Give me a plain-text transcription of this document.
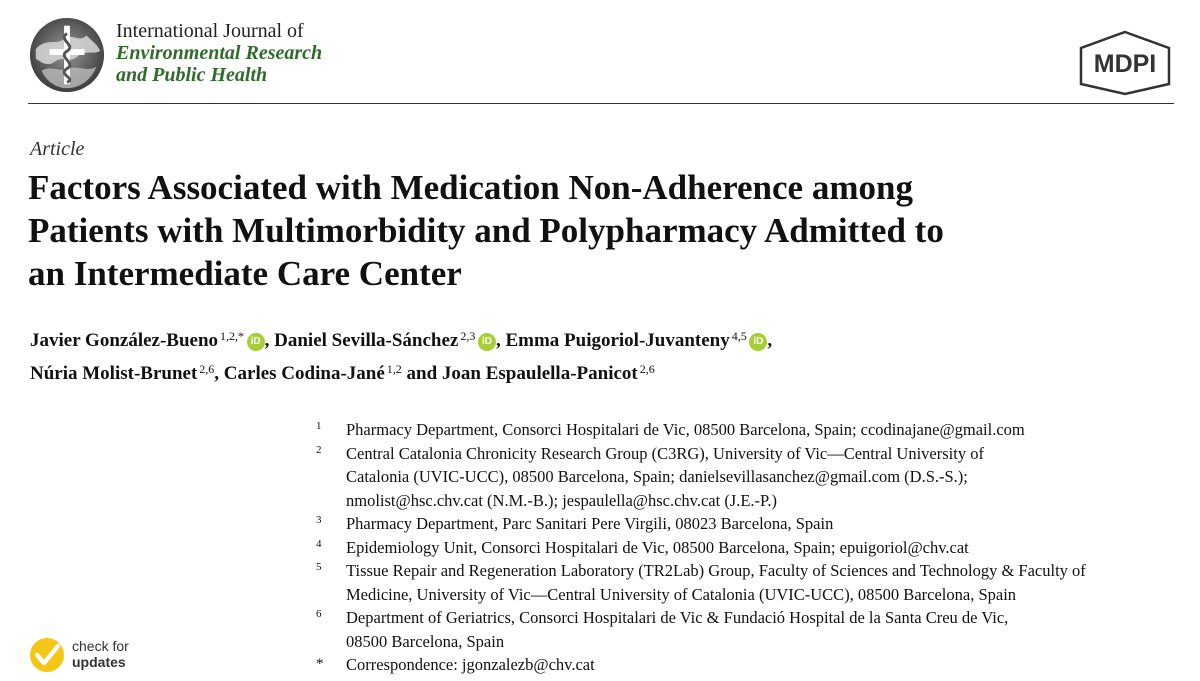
International Journal of
Environmental Research
and Public Health	MDPI
Article
Factors Associated with Medication Non-Adherence among
Patients with Multimorbidity and Polypharmacy Admitted to
an Intermediate Care Center
Javier González-Bueno $^{1,2,*}$  iD , Daniel Sevilla-Sánchez $^{2,3}$  iD , Emma Puigoriol-Juvanteny $^{4,5}$  iD ,
Núria Molist-Brunet $^{2,6}$, Carles Codina-Jané $^{1,2}$ and Joan Espaulella-Panicot $^{2,6}$
1 Pharmacy Department, Consorci Hospitalari de Vic, 08500 Barcelona, Spain; ccodinajane@gmail.com
2 Central Catalonia Chronicity Research Group (C3RG), University of Vic—Central University of
Catalonia (UVIC-UCC), 08500 Barcelona, Spain; danielsevillasanchez@gmail.com (D.S.-S.);
nmolist@hsc.chv.cat (N.M.-B.); jespaulella@hsc.chv.cat (J.E.-P.)
3 Pharmacy Department, Parc Sanitari Pere Virgili, 08023 Barcelona, Spain
4 Epidemiology Unit, Consorci Hospitalari de Vic, 08500 Barcelona, Spain; epuigoriol@chv.cat
5 Tissue Repair and Regeneration Laboratory (TR2Lab) Group, Faculty of Sciences and Technology & Faculty of
Medicine, University of Vic—Central University of Catalonia (UVIC-UCC), 08500 Barcelona, Spain
6 Department of Geriatrics, Consorci Hospitalari de Vic & Fundació Hospital de la Santa Creu de Vic,
08500 Barcelona, Spain
* Correspondence: jgonzalezb@chv.cat
check for
updates
